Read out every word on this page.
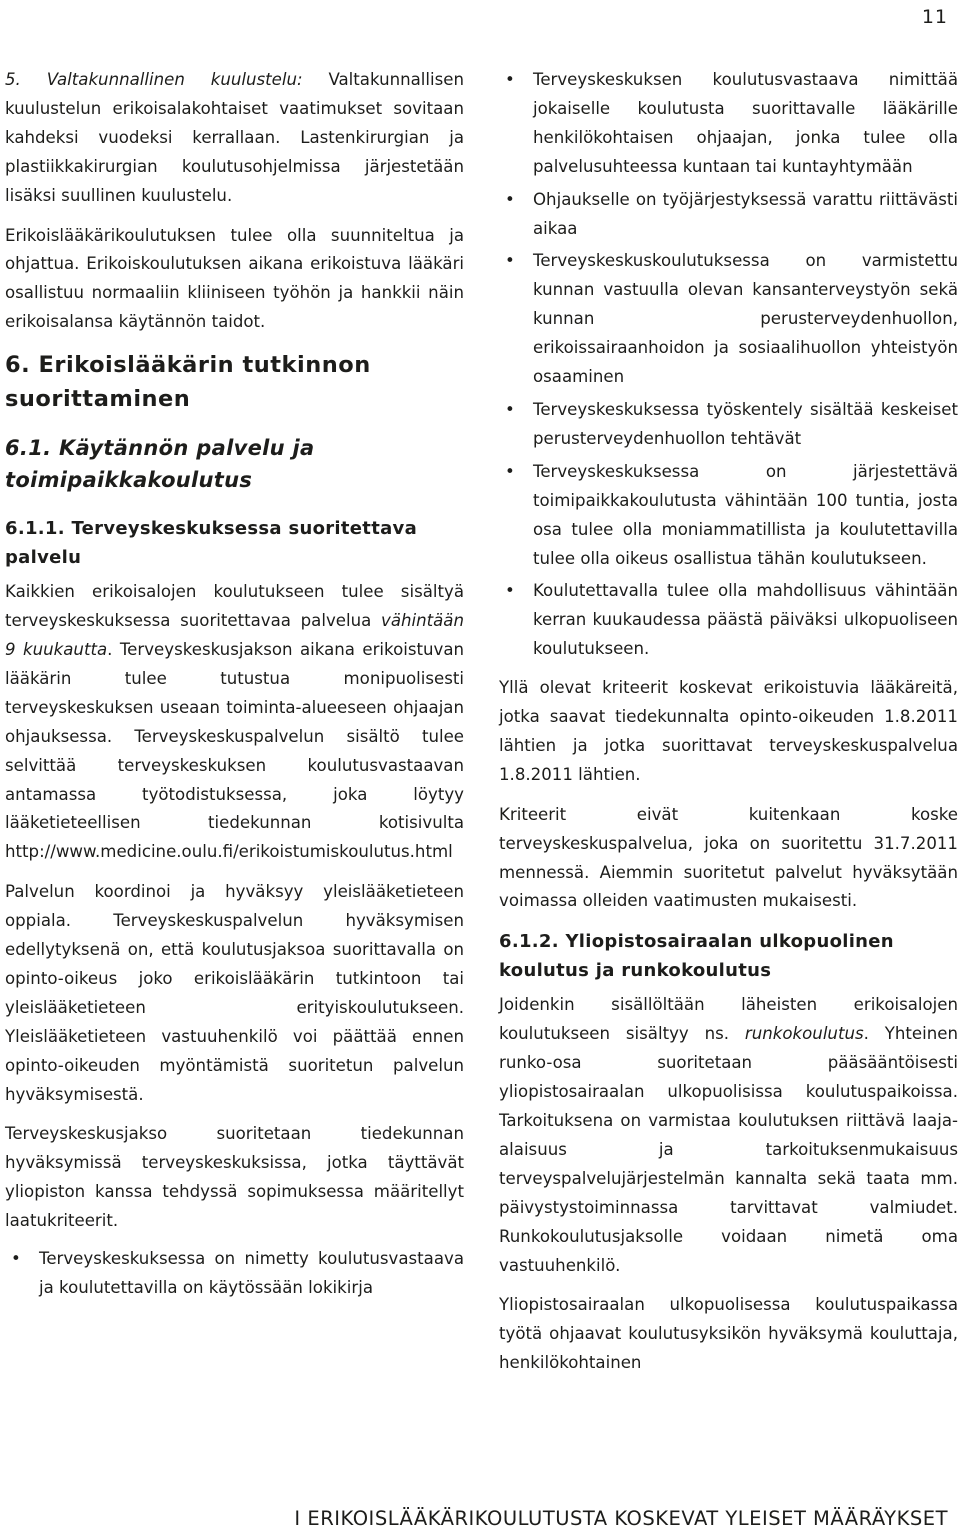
11

5. Valtakunnallinen kuulustelu: Valtakunnallisen kuulustelun erikoisalakohtaiset vaatimukset sovitaan kahdeksi vuodeksi kerrallaan. Lastenkirurgian ja plastiikkakirurgian koulutusohjelmissa järjestetään lisäksi suullinen kuulustelu.

Erikoislääkärikoulutuksen tulee olla suunniteltua ja ohjattua. Erikoiskoulutuksen aikana erikoistuva lääkäri osallistuu normaaliin kliiniseen työhön ja hankkii näin erikoisalansa käytännön taidot.

6. Erikoislääkärin tutkinnon suorittaminen
6.1. Käytännön palvelu ja toimipaikkakoulutus
6.1.1. Terveyskeskuksessa suoritettava palvelu

Kaikkien erikoisalojen koulutukseen tulee sisältyä terveyskeskuksessa suoritettavaa palvelua vähintään 9 kuukautta. Terveyskeskusjakson aikana erikoistuvan lääkärin tulee tutustua monipuolisesti terveyskeskuksen useaan toiminta-alueeseen ohjaajan ohjauksessa. Terveyskeskuspalvelun sisältö tulee selvittää terveyskeskuksen koulutusvastaavan antamassa työtodistuksessa, joka löytyy lääketieteellisen tiedekunnan kotisivulta http://www.medicine.oulu.fi/erikoistumiskoulutus.html

Palvelun koordinoi ja hyväksyy yleislääketieteen oppiala. Terveyskeskuspalvelun hyväksymisen edellytyksenä on, että koulutusjaksoa suorittavalla on opinto-oikeus joko erikoislääkärin tutkintoon tai yleislääketieteen erityiskoulutukseen. Yleislääketieteen vastuuhenkilö voi päättää ennen opinto-oikeuden myöntämistä suoritetun palvelun hyväksymisestä.

Terveyskeskusjakso suoritetaan tiedekunnan hyväksymissä terveyskeskuksissa, jotka täyttävät yliopiston kanssa tehdyssä sopimuksessa määritellyt laatukriteerit.

• Terveyskeskuksessa on nimetty koulutusvastaava ja koulutettavilla on käytössään lokikirja
• Terveyskeskuksen koulutusvastaava nimittää jokaiselle koulutusta suorittavalle lääkärille henkilökohtaisen ohjaajan, jonka tulee olla palvelusuhteessa kuntaan tai kuntayhtymään
• Ohjaukselle on työjärjestyksessä varattu riittävästi aikaa
• Terveyskeskuskoulutuksessa on varmistettu kunnan vastuulla olevan kansanterveystyön sekä kunnan perusterveydenhuollon, erikoissairaanhoidon ja sosiaalihuollon yhteistyön osaaminen
• Terveyskeskuksessa työskentely sisältää keskeiset perusterveydenhuollon tehtävät
• Terveyskeskuksessa on järjestettävä toimipaikkakoulutusta vähintään 100 tuntia, josta osa tulee olla moniammatillista ja koulutettavilla tulee olla oikeus osallistua tähän koulutukseen.
• Koulutettavalla tulee olla mahdollisuus vähintään kerran kuukaudessa päästä päiväksi ulkopuoliseen koulutukseen.

Yllä olevat kriteerit koskevat erikoistuvia lääkäreitä, jotka saavat tiedekunnalta opinto-oikeuden 1.8.2011 lähtien ja jotka suorittavat terveyskeskuspalvelua 1.8.2011 lähtien.

Kriteerit eivät kuitenkaan koske terveyskeskuspalvelua, joka on suoritettu 31.7.2011 mennessä. Aiemmin suoritetut palvelut hyväksytään voimassa olleiden vaatimusten mukaisesti.

6.1.2. Yliopistosairaalan ulkopuolinen koulutus ja runkokoulutus

Joidenkin sisällöltään läheisten erikoisalojen koulutukseen sisältyy ns. runkokoulutus. Yhteinen runko-osa suoritetaan pääsääntöisesti yliopistosairaalan ulkopuolisissa koulutuspaikoissa. Tarkoituksena on varmistaa koulutuksen riittävä laaja-alaisuus ja tarkoituksenmukaisuus terveyspalvelujärjestelmän kannalta sekä taata mm. päivystystoiminnassa tarvittavat valmiudet. Runkokoulutusjaksolle voidaan nimetä oma vastuuhenkilö.

Yliopistosairaalan ulkopuolisessa koulutuspaikassa työtä ohjaavat koulutusyksikön hyväksymä kouluttaja, henkilökohtainen

I ERIKOISLÄÄKÄRIKOULUTUSTA KOSKEVAT YLEISET MÄÄRÄYKSET
